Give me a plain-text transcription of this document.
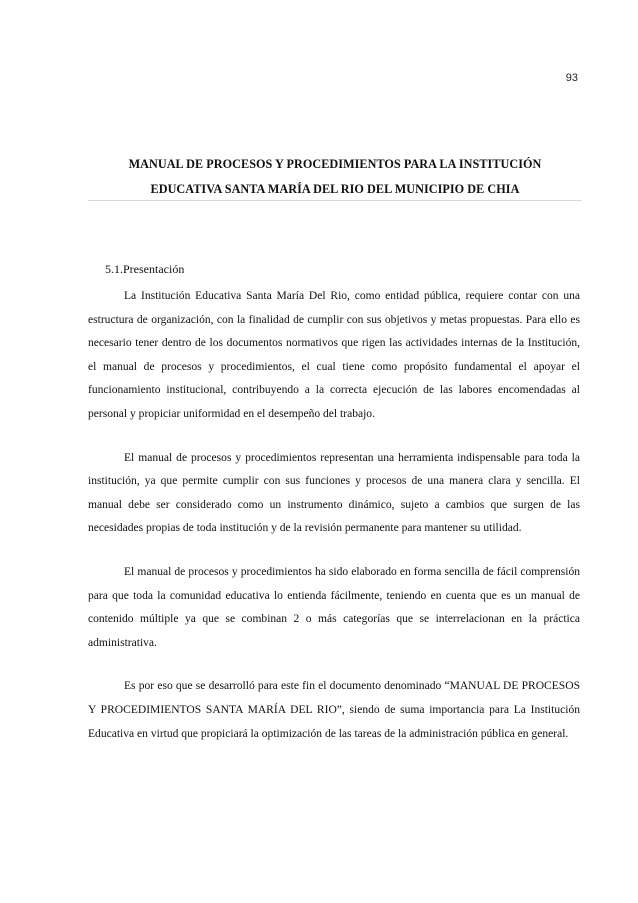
93
MANUAL DE PROCESOS Y PROCEDIMIENTOS PARA LA INSTITUCIÓN
EDUCATIVA SANTA MARÍA DEL RIO DEL MUNICIPIO DE CHIA
5.1.Presentación

La Institución Educativa Santa María Del Rio, como entidad pública, requiere contar con una estructura de organización, con la finalidad de cumplir con sus objetivos y metas propuestas. Para ello es necesario tener dentro de los documentos normativos que rigen las actividades internas de la Institución, el manual de procesos y procedimientos, el cual tiene como propósito fundamental el apoyar el funcionamiento institucional, contribuyendo a la correcta ejecución de las labores encomendadas al personal y propiciar uniformidad en el desempeño del trabajo.

El manual de procesos y procedimientos representan una herramienta indispensable para toda la institución, ya que permite cumplir con sus funciones y procesos de una manera clara y sencilla. El manual debe ser considerado como un instrumento dinámico, sujeto a cambios que surgen de las necesidades propias de toda institución y de la revisión permanente para mantener su utilidad.

El manual de procesos y procedimientos ha sido elaborado en forma sencilla de fácil comprensión para que toda la comunidad educativa lo entienda fácilmente, teniendo en cuenta que es un manual de contenido múltiple ya que se combinan 2 o más categorías que se interrelacionan en la práctica administrativa.

Es por eso que se desarrolló para este fin el documento denominado “MANUAL DE PROCESOS Y PROCEDIMIENTOS SANTA MARÍA DEL RIO”, siendo de suma importancia para La Institución Educativa en virtud que propiciará la optimización de las tareas de la administración pública en general.
